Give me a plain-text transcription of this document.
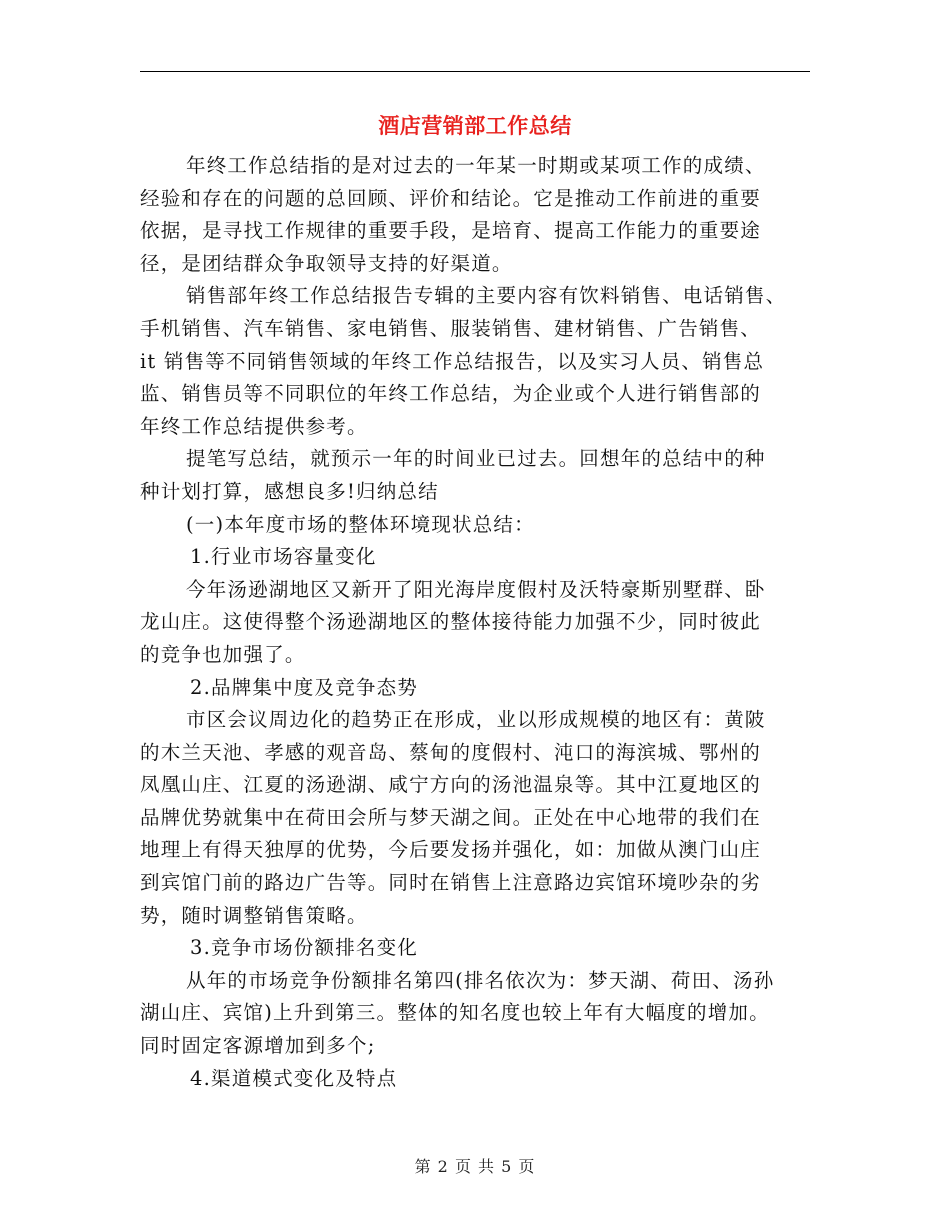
酒店营销部工作总结
年终工作总结指的是对过去的一年某一时期或某项工作的成绩、
经验和存在的问题的总回顾、评价和结论。它是推动工作前进的重要
依据，是寻找工作规律的重要手段，是培育、提高工作能力的重要途
径，是团结群众争取领导支持的好渠道。
销售部年终工作总结报告专辑的主要内容有饮料销售、电话销售、
手机销售、汽车销售、家电销售、服装销售、建材销售、广告销售、
it 销售等不同销售领域的年终工作总结报告，以及实习人员、销售总
监、销售员等不同职位的年终工作总结，为企业或个人进行销售部的
年终工作总结提供参考。
提笔写总结，就预示一年的时间业已过去。回想年的总结中的种
种计划打算，感想良多!归纳总结
(一)本年度市场的整体环境现状总结：
1.行业市场容量变化
今年汤逊湖地区又新开了阳光海岸度假村及沃特豪斯别墅群、卧
龙山庄。这使得整个汤逊湖地区的整体接待能力加强不少，同时彼此
的竞争也加强了。
2.品牌集中度及竞争态势
市区会议周边化的趋势正在形成，业以形成规模的地区有：黄陂
的木兰天池、孝感的观音岛、蔡甸的度假村、沌口的海滨城、鄂州的
凤凰山庄、江夏的汤逊湖、咸宁方向的汤池温泉等。其中江夏地区的
品牌优势就集中在荷田会所与梦天湖之间。正处在中心地带的我们在
地理上有得天独厚的优势，今后要发扬并强化，如：加做从澳门山庄
到宾馆门前的路边广告等。同时在销售上注意路边宾馆环境吵杂的劣
势，随时调整销售策略。
3.竞争市场份额排名变化
从年的市场竞争份额排名第四(排名依次为：梦天湖、荷田、汤孙
湖山庄、宾馆)上升到第三。整体的知名度也较上年有大幅度的增加。
同时固定客源增加到多个;
4.渠道模式变化及特点
第 2 页 共 5 页
